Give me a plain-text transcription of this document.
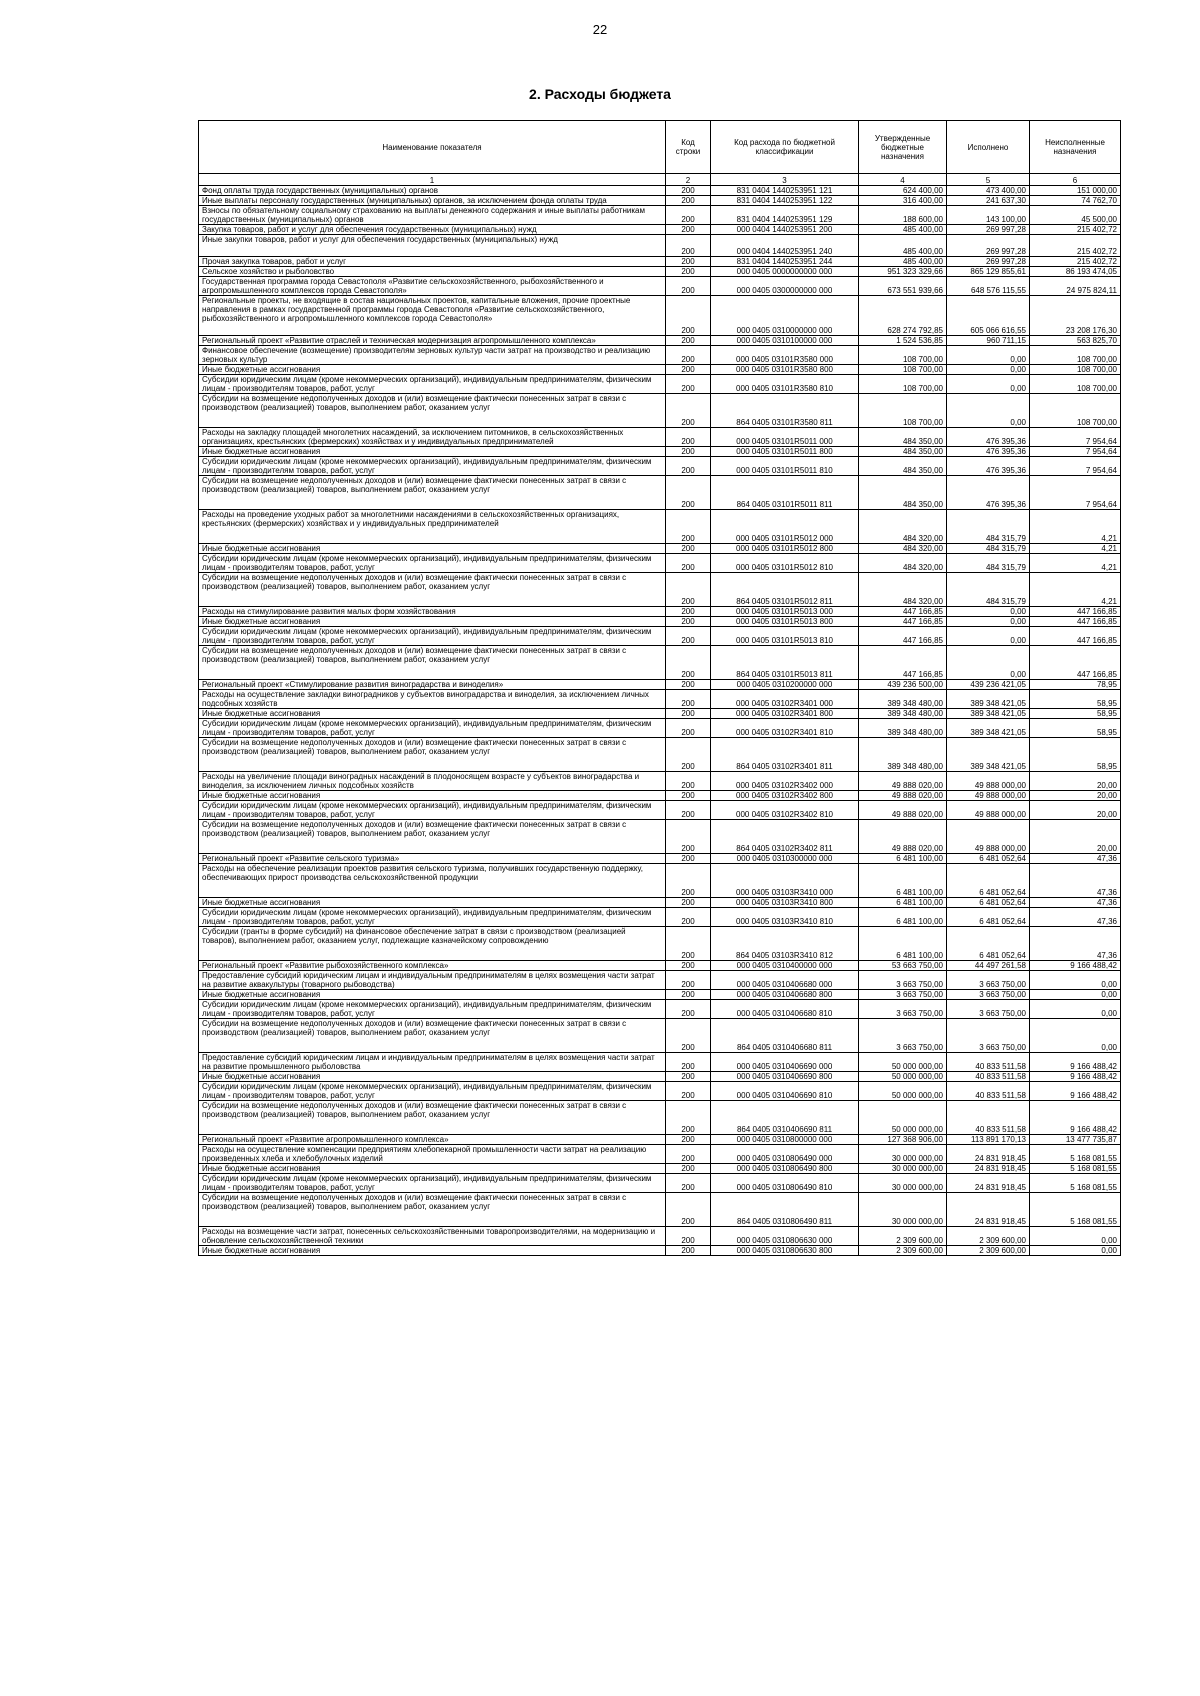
22
2. Расходы бюджета
Наименование показателя	Код строки	Код расхода по бюджетной классификации	Утвержденные бюджетные назначения	Исполнено	Неисполненные назначения
1	2	3	4	5	6
Фонд оплаты труда государственных (муниципальных) органов	200	831 0404 1440253951 121	624 400,00	473 400,00	151 000,00
Иные выплаты персоналу государственных (муниципальных) органов, за исключением фонда оплаты труда	200	831 0404 1440253951 122	316 400,00	241 637,30	74 762,70
Взносы по обязательному социальному страхованию на выплаты денежного содержания и иные выплаты работникам государственных (муниципальных) органов	200	831 0404 1440253951 129	188 600,00	143 100,00	45 500,00
Закупка товаров, работ и услуг для обеспечения государственных (муниципальных) нужд	200	000 0404 1440253951 200	485 400,00	269 997,28	215 402,72
Иные закупки товаров, работ и услуг для обеспечения государственных (муниципальных) нужд	200	000 0404 1440253951 240	485 400,00	269 997,28	215 402,72
Прочая закупка товаров, работ и услуг	200	831 0404 1440253951 244	485 400,00	269 997,28	215 402,72
Сельское хозяйство и рыболовство	200	000 0405 0000000000 000	951 323 329,66	865 129 855,61	86 193 474,05
Государственная программа города Севастополя «Развитие сельскохозяйственного, рыбохозяйственного и агропромышленного комплексов города Севастополя»	200	000 0405 0300000000 000	673 551 939,66	648 576 115,55	24 975 824,11
Региональные проекты, не входящие в состав национальных проектов, капитальные вложения, прочие проектные направления в рамках государственной программы города Севастополя «Развитие сельскохозяйственного, рыбохозяйственного и агропромышленного комплексов города Севастополя»	200	000 0405 0310000000 000	628 274 792,85	605 066 616,55	23 208 176,30
Региональный проект «Развитие отраслей и техническая модернизация агропромышленного комплекса»	200	000 0405 0310100000 000	1 524 536,85	960 711,15	563 825,70
Финансовое обеспечение (возмещение) производителям зерновых культур части затрат на производство и реализацию зерновых культур	200	000 0405 03101R3580 000	108 700,00	0,00	108 700,00
Иные бюджетные ассигнования	200	000 0405 03101R3580 800	108 700,00	0,00	108 700,00
Субсидии юридическим лицам (кроме некоммерческих организаций), индивидуальным предпринимателям, физическим лицам - производителям товаров, работ, услуг	200	000 0405 03101R3580 810	108 700,00	0,00	108 700,00
Субсидии на возмещение недополученных доходов и (или) возмещение фактически понесенных затрат в связи с производством (реализацией) товаров, выполнением работ, оказанием услуг	200	864 0405 03101R3580 811	108 700,00	0,00	108 700,00
Расходы на закладку площадей многолетних насаждений, за исключением питомников, в сельскохозяйственных организациях, крестьянских (фермерских) хозяйствах и у индивидуальных предпринимателей	200	000 0405 03101R5011 000	484 350,00	476 395,36	7 954,64
Иные бюджетные ассигнования	200	000 0405 03101R5011 800	484 350,00	476 395,36	7 954,64
Субсидии юридическим лицам (кроме некоммерческих организаций), индивидуальным предпринимателям, физическим лицам - производителям товаров, работ, услуг	200	000 0405 03101R5011 810	484 350,00	476 395,36	7 954,64
Субсидии на возмещение недополученных доходов и (или) возмещение фактически понесенных затрат в связи с производством (реализацией) товаров, выполнением работ, оказанием услуг	200	864 0405 03101R5011 811	484 350,00	476 395,36	7 954,64
Расходы на проведение уходных работ за многолетними насаждениями в сельскохозяйственных организациях, крестьянских (фермерских) хозяйствах и у индивидуальных предпринимателей	200	000 0405 03101R5012 000	484 320,00	484 315,79	4,21
Иные бюджетные ассигнования	200	000 0405 03101R5012 800	484 320,00	484 315,79	4,21
Субсидии юридическим лицам (кроме некоммерческих организаций), индивидуальным предпринимателям, физическим лицам - производителям товаров, работ, услуг	200	000 0405 03101R5012 810	484 320,00	484 315,79	4,21
Субсидии на возмещение недополученных доходов и (или) возмещение фактически понесенных затрат в связи с производством (реализацией) товаров, выполнением работ, оказанием услуг	200	864 0405 03101R5012 811	484 320,00	484 315,79	4,21
Расходы на стимулирование развития малых форм хозяйствования	200	000 0405 03101R5013 000	447 166,85	0,00	447 166,85
Иные бюджетные ассигнования	200	000 0405 03101R5013 800	447 166,85	0,00	447 166,85
Субсидии юридическим лицам (кроме некоммерческих организаций), индивидуальным предпринимателям, физическим лицам - производителям товаров, работ, услуг	200	000 0405 03101R5013 810	447 166,85	0,00	447 166,85
Субсидии на возмещение недополученных доходов и (или) возмещение фактически понесенных затрат в связи с производством (реализацией) товаров, выполнением работ, оказанием услуг	200	864 0405 03101R5013 811	447 166,85	0,00	447 166,85
Региональный проект «Стимулирование развития виноградарства и виноделия»	200	000 0405 0310200000 000	439 236 500,00	439 236 421,05	78,95
Расходы на осуществление закладки виноградников у субъектов виноградарства и виноделия, за исключением личных подсобных хозяйств	200	000 0405 03102R3401 000	389 348 480,00	389 348 421,05	58,95
Иные бюджетные ассигнования	200	000 0405 03102R3401 800	389 348 480,00	389 348 421,05	58,95
Субсидии юридическим лицам (кроме некоммерческих организаций), индивидуальным предпринимателям, физическим лицам - производителям товаров, работ, услуг	200	000 0405 03102R3401 810	389 348 480,00	389 348 421,05	58,95
Субсидии на возмещение недополученных доходов и (или) возмещение фактически понесенных затрат в связи с производством (реализацией) товаров, выполнением работ, оказанием услуг	200	864 0405 03102R3401 811	389 348 480,00	389 348 421,05	58,95
Расходы на увеличение площади виноградных насаждений в плодоносящем возрасте у субъектов виноградарства и виноделия, за исключением личных подсобных хозяйств	200	000 0405 03102R3402 000	49 888 020,00	49 888 000,00	20,00
Иные бюджетные ассигнования	200	000 0405 03102R3402 800	49 888 020,00	49 888 000,00	20,00
Субсидии юридическим лицам (кроме некоммерческих организаций), индивидуальным предпринимателям, физическим лицам - производителям товаров, работ, услуг	200	000 0405 03102R3402 810	49 888 020,00	49 888 000,00	20,00
Субсидии на возмещение недополученных доходов и (или) возмещение фактически понесенных затрат в связи с производством (реализацией) товаров, выполнением работ, оказанием услуг	200	864 0405 03102R3402 811	49 888 020,00	49 888 000,00	20,00
Региональный проект «Развитие сельского туризма»	200	000 0405 0310300000 000	6 481 100,00	6 481 052,64	47,36
Расходы на обеспечение реализации проектов развития сельского туризма, получивших государственную поддержку, обеспечивающих прирост производства сельскохозяйственной продукции	200	000 0405 03103R3410 000	6 481 100,00	6 481 052,64	47,36
Иные бюджетные ассигнования	200	000 0405 03103R3410 800	6 481 100,00	6 481 052,64	47,36
Субсидии юридическим лицам (кроме некоммерческих организаций), индивидуальным предпринимателям, физическим лицам - производителям товаров, работ, услуг	200	000 0405 03103R3410 810	6 481 100,00	6 481 052,64	47,36
Субсидии (гранты в форме субсидий) на финансовое обеспечение затрат в связи с производством (реализацией товаров), выполнением работ, оказанием услуг, подлежащие казначейскому сопровождению	200	864 0405 03103R3410 812	6 481 100,00	6 481 052,64	47,36
Региональный проект «Развитие рыбохозяйственного комплекса»	200	000 0405 0310400000 000	53 663 750,00	44 497 261,58	9 166 488,42
Предоставление субсидий юридическим лицам и индивидуальным предпринимателям в целях возмещения части затрат на развитие аквакультуры (товарного рыбоводства)	200	000 0405 0310406680 000	3 663 750,00	3 663 750,00	0,00
Иные бюджетные ассигнования	200	000 0405 0310406680 800	3 663 750,00	3 663 750,00	0,00
Субсидии юридическим лицам (кроме некоммерческих организаций), индивидуальным предпринимателям, физическим лицам - производителям товаров, работ, услуг	200	000 0405 0310406680 810	3 663 750,00	3 663 750,00	0,00
Субсидии на возмещение недополученных доходов и (или) возмещение фактически понесенных затрат в связи с производством (реализацией) товаров, выполнением работ, оказанием услуг	200	864 0405 0310406680 811	3 663 750,00	3 663 750,00	0,00
Предоставление субсидий юридическим лицам и индивидуальным предпринимателям в целях возмещения части затрат на развитие промышленного рыболовства	200	000 0405 0310406690 000	50 000 000,00	40 833 511,58	9 166 488,42
Иные бюджетные ассигнования	200	000 0405 0310406690 800	50 000 000,00	40 833 511,58	9 166 488,42
Субсидии юридическим лицам (кроме некоммерческих организаций), индивидуальным предпринимателям, физическим лицам - производителям товаров, работ, услуг	200	000 0405 0310406690 810	50 000 000,00	40 833 511,58	9 166 488,42
Субсидии на возмещение недополученных доходов и (или) возмещение фактически понесенных затрат в связи с производством (реализацией) товаров, выполнением работ, оказанием услуг	200	864 0405 0310406690 811	50 000 000,00	40 833 511,58	9 166 488,42
Региональный проект «Развитие агропромышленного комплекса»	200	000 0405 0310800000 000	127 368 906,00	113 891 170,13	13 477 735,87
Расходы на осуществление компенсации предприятиям хлебопекарной промышленности части затрат на реализацию произведенных хлеба и хлебобулочных изделий	200	000 0405 0310806490 000	30 000 000,00	24 831 918,45	5 168 081,55
Иные бюджетные ассигнования	200	000 0405 0310806490 800	30 000 000,00	24 831 918,45	5 168 081,55
Субсидии юридическим лицам (кроме некоммерческих организаций), индивидуальным предпринимателям, физическим лицам - производителям товаров, работ, услуг	200	000 0405 0310806490 810	30 000 000,00	24 831 918,45	5 168 081,55
Субсидии на возмещение недополученных доходов и (или) возмещение фактически понесенных затрат в связи с производством (реализацией) товаров, выполнением работ, оказанием услуг	200	864 0405 0310806490 811	30 000 000,00	24 831 918,45	5 168 081,55
Расходы на возмещение части затрат, понесенных сельскохозяйственными товаропроизводителями, на модернизацию и обновление сельскохозяйственной техники	200	000 0405 0310806630 000	2 309 600,00	2 309 600,00	0,00
Иные бюджетные ассигнования	200	000 0405 0310806630 800	2 309 600,00	2 309 600,00	0,00
